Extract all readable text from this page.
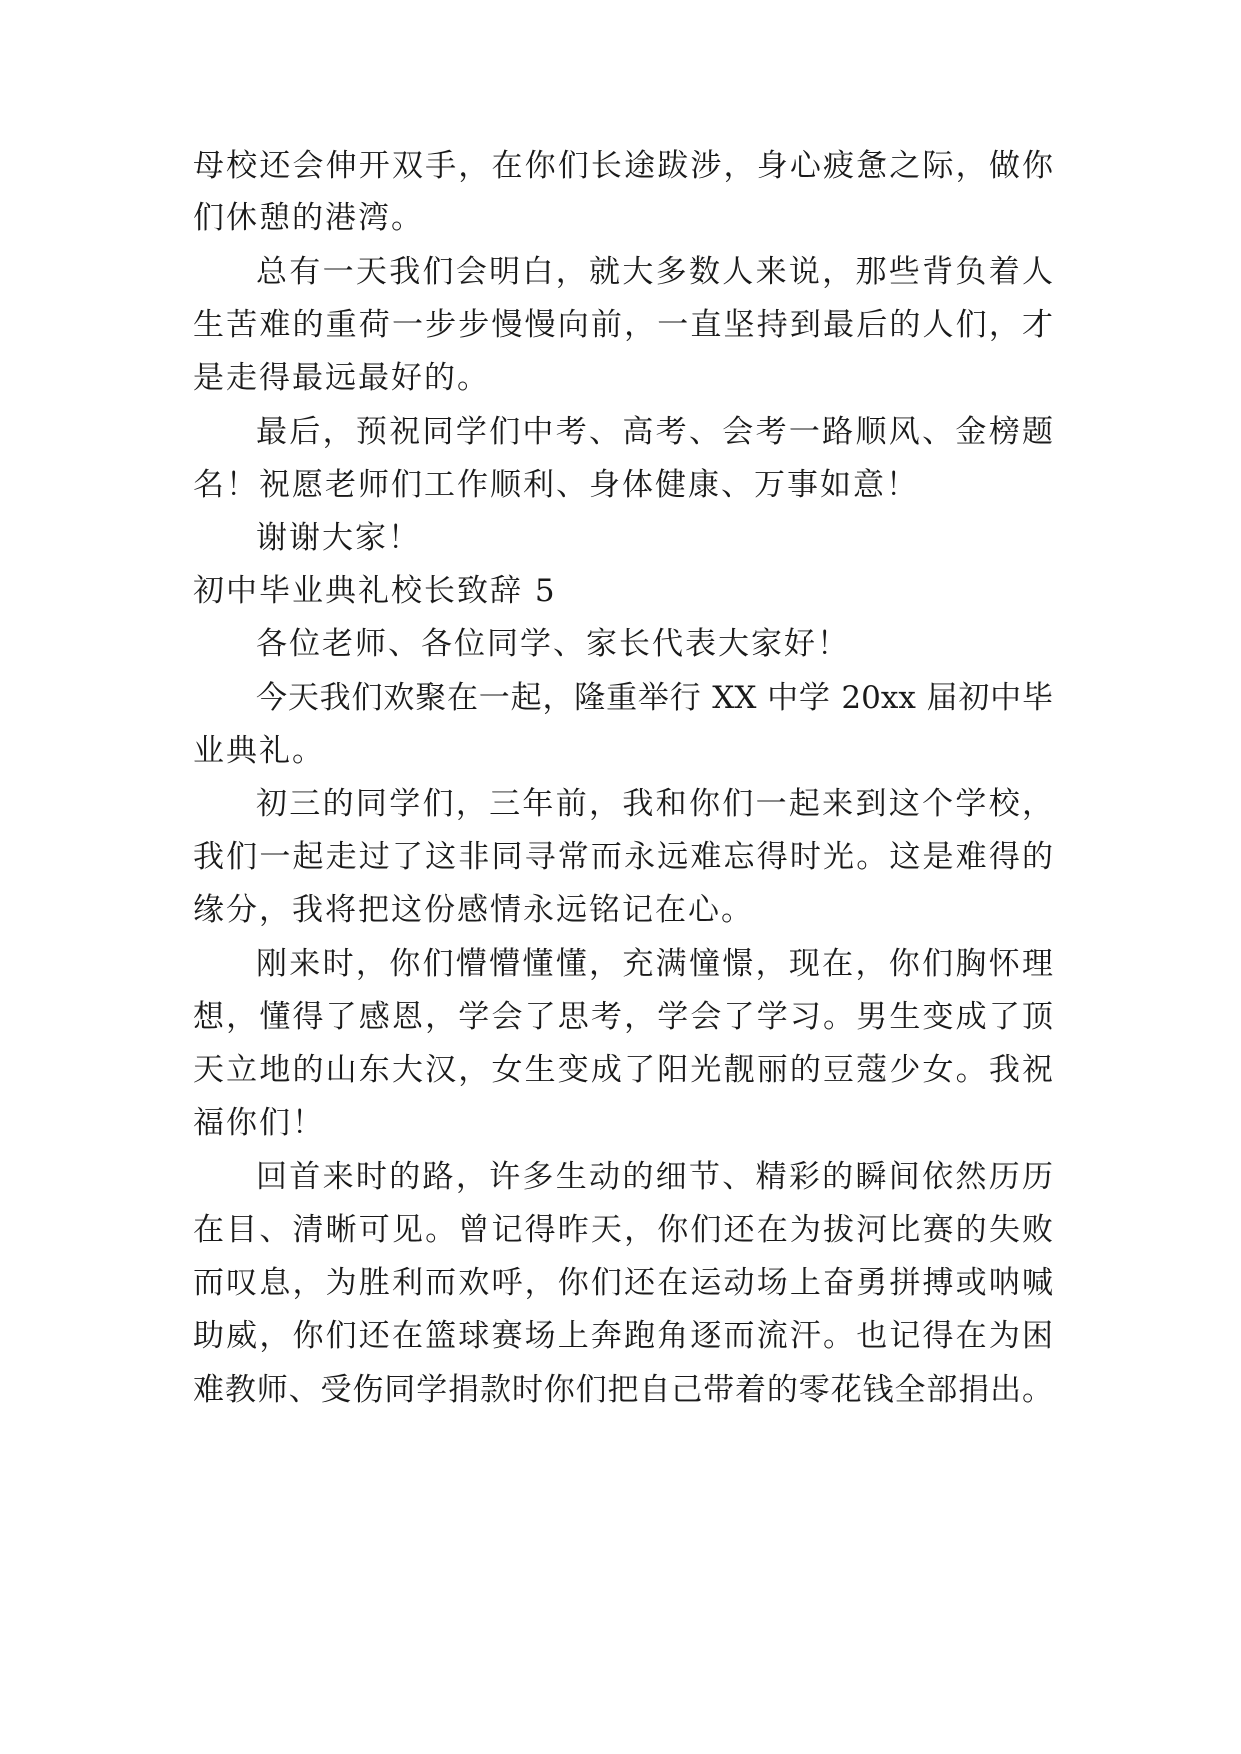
母校还会伸开双手，在你们长途跋涉，身心疲惫之际，做你

们休憩的港湾。

总有一天我们会明白，就大多数人来说，那些背负着人

生苦难的重荷一步步慢慢向前，一直坚持到最后的人们，才

是走得最远最好的。

最后，预祝同学们中考、高考、会考一路顺风、金榜题

名！祝愿老师们工作顺利、身体健康、万事如意！

谢谢大家！

初中毕业典礼校长致辞 5

各位老师、各位同学、家长代表大家好！

今天我们欢聚在一起，隆重举行 XX 中学 20xx 届初中毕

业典礼。

初三的同学们，三年前，我和你们一起来到这个学校，

我们一起走过了这非同寻常而永远难忘得时光。这是难得的

缘分，我将把这份感情永远铭记在心。

刚来时，你们懵懵懂懂，充满憧憬，现在，你们胸怀理

想，懂得了感恩，学会了思考，学会了学习。男生变成了顶

天立地的山东大汉，女生变成了阳光靓丽的豆蔻少女。我祝

福你们！

回首来时的路，许多生动的细节、精彩的瞬间依然历历

在目、清晰可见。曾记得昨天，你们还在为拔河比赛的失败

而叹息，为胜利而欢呼，你们还在运动场上奋勇拼搏或呐喊

助威，你们还在篮球赛场上奔跑角逐而流汗。也记得在为困

难教师、受伤同学捐款时你们把自己带着的零花钱全部捐出。
